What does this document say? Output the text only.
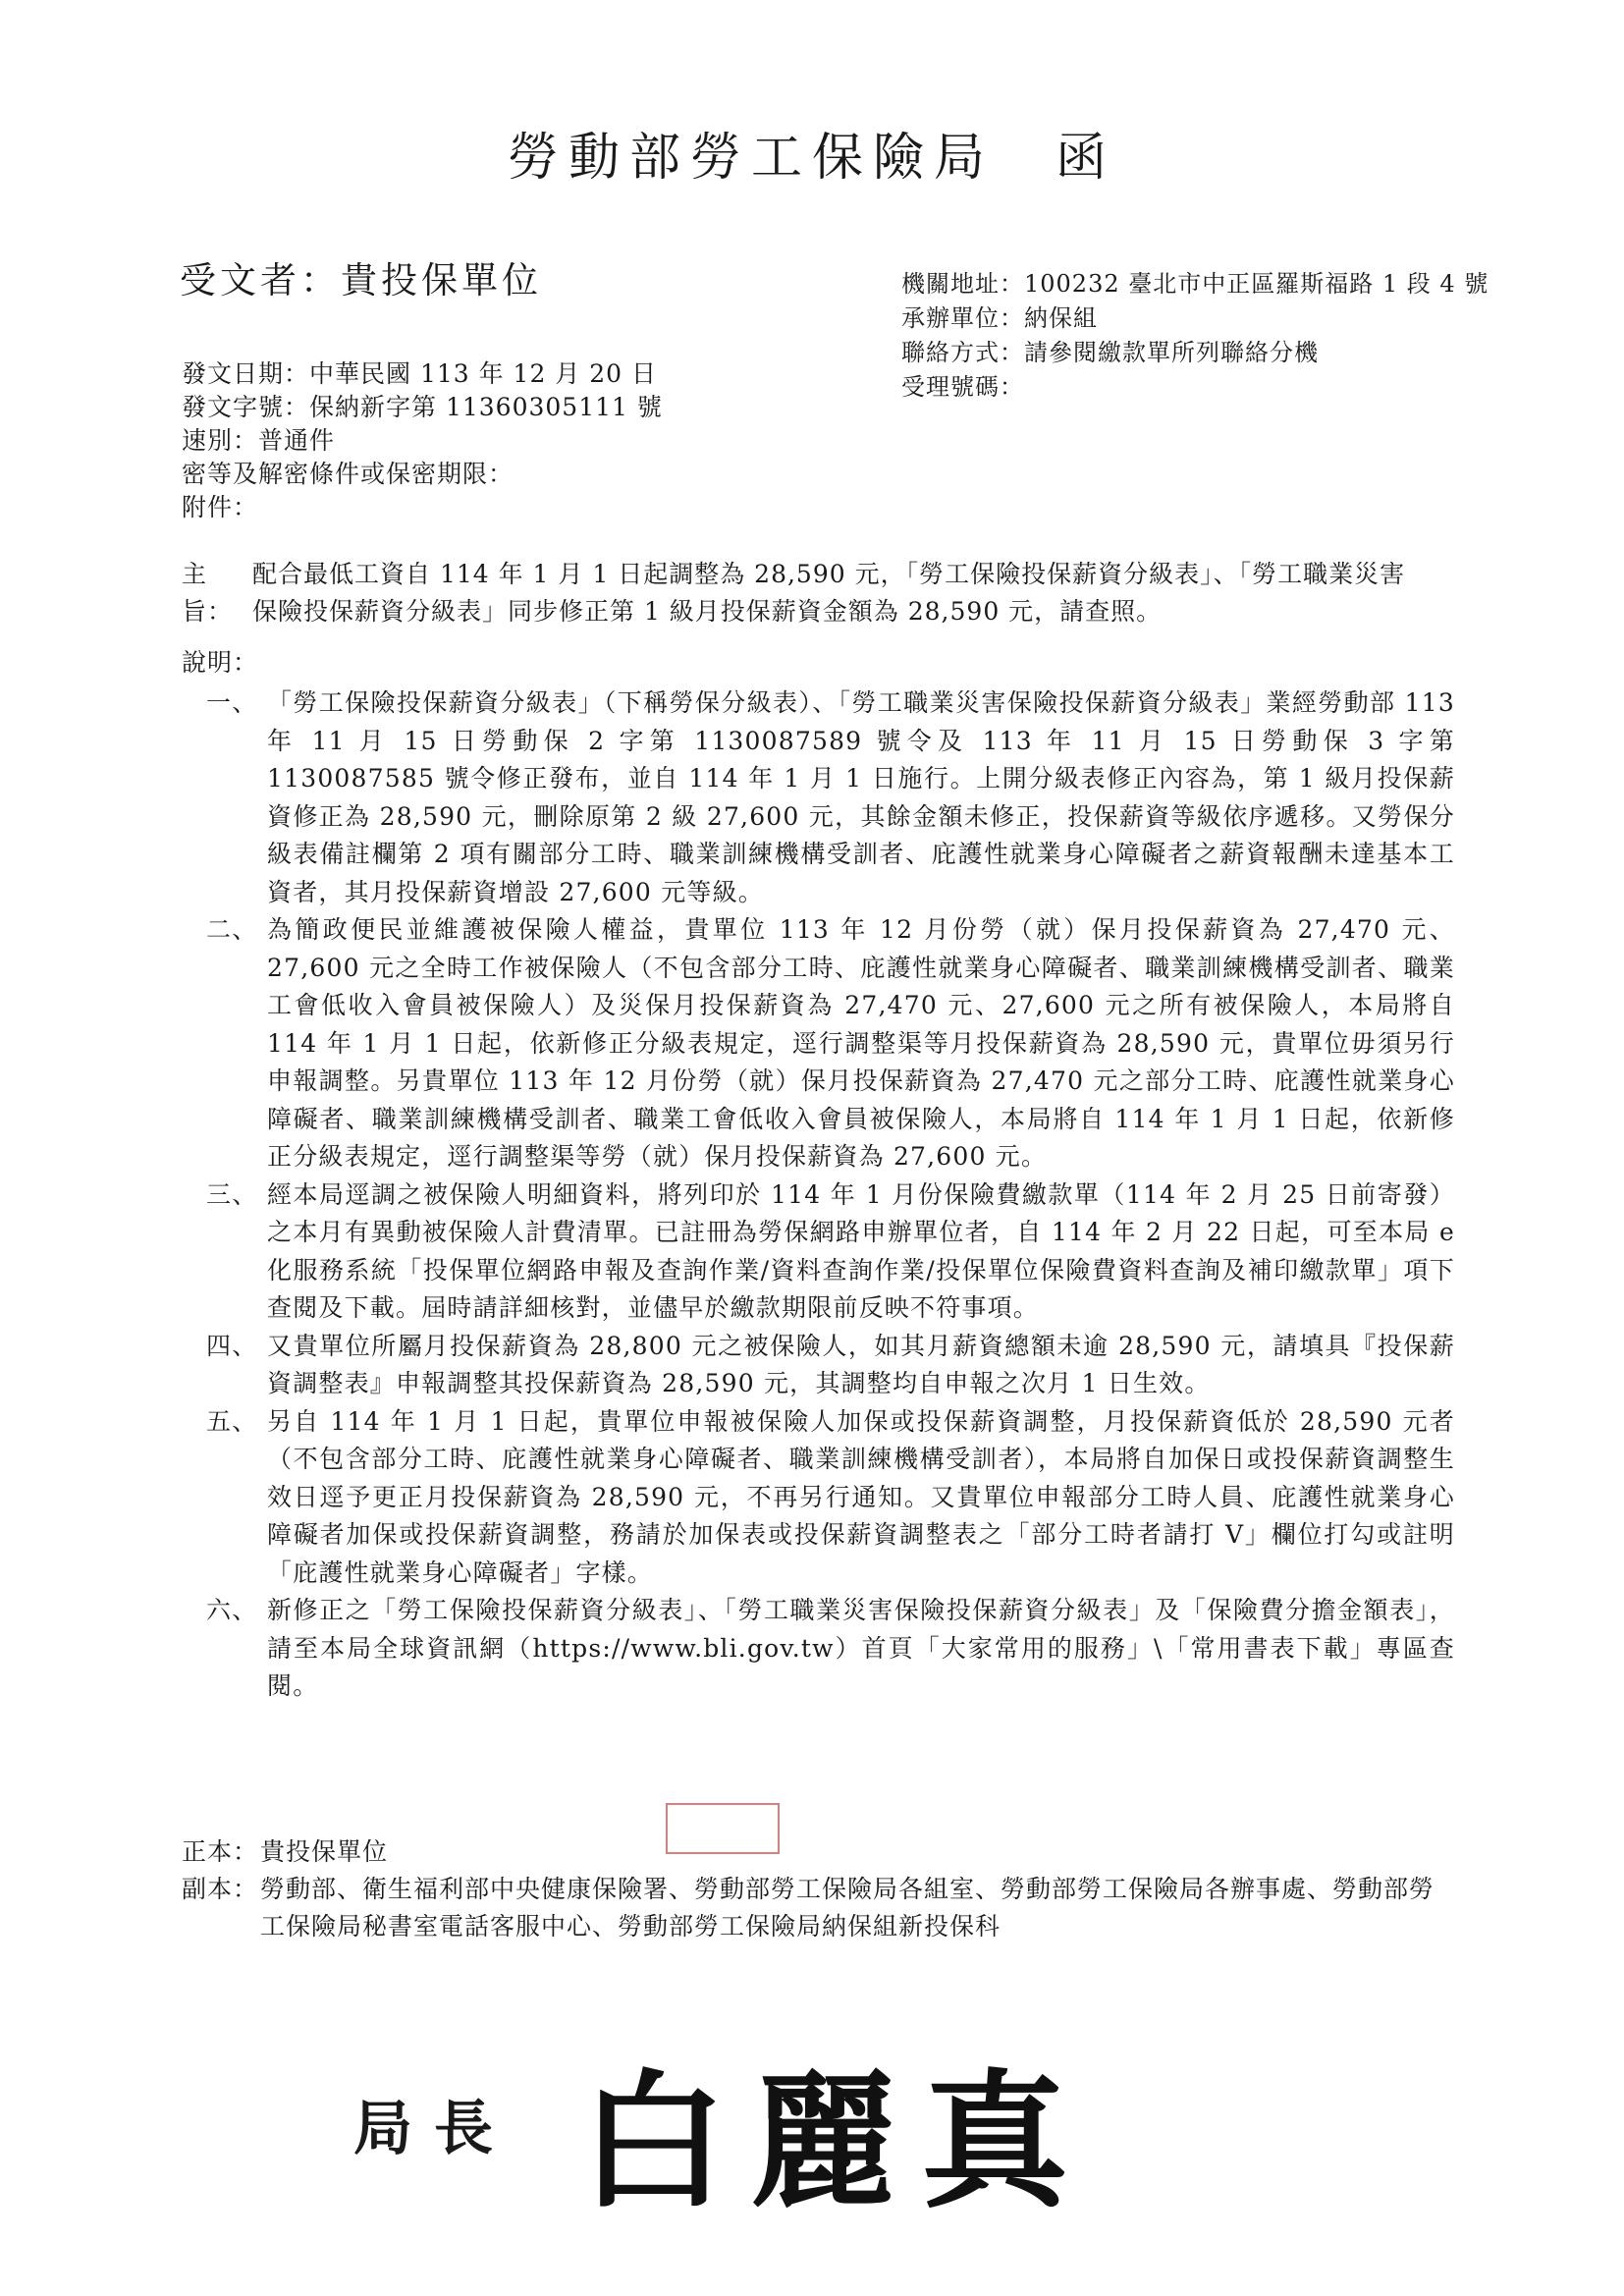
勞動部勞工保險局　函
受文者：貴投保單位	機關地址：100232 臺北市中正區羅斯福路 1 段 4 號
承辦單位：納保組
聯絡方式：請參閱繳款單所列聯絡分機
受理號碼：
發文日期：中華民國 113 年 12 月 20 日
發文字號：保納新字第 11360305111 號
速別：普通件
密等及解密條件或保密期限：
附件：
主旨：配合最低工資自 114 年 1 月 1 日起調整為 28,590 元，「勞工保險投保薪資分級表」、「勞工職業災害保險投保薪資分級表」同步修正第 1 級月投保薪資金額為 28,590 元，請查照。
說明：
一、 「勞工保險投保薪資分級表」（下稱勞保分級表）、「勞工職業災害保險投保薪資分級表」業經勞動部 113 年 11 月 15 日勞動保 2 字第 1130087589 號令及 113 年 11 月 15 日勞動保 3 字第 1130087585 號令修正發布，並自 114 年 1 月 1 日施行。上開分級表修正內容為，第 1 級月投保薪資修正為 28,590 元，刪除原第 2 級 27,600 元，其餘金額未修正，投保薪資等級依序遞移。又勞保分級表備註欄第 2 項有關部分工時、職業訓練機構受訓者、庇護性就業身心障礙者之薪資報酬未達基本工資者，其月投保薪資增設 27,600 元等級。
二、 為簡政便民並維護被保險人權益，貴單位 113 年 12 月份勞（就）保月投保薪資為 27,470 元、27,600 元之全時工作被保險人（不包含部分工時、庇護性就業身心障礙者、職業訓練機構受訓者、職業工會低收入會員被保險人）及災保月投保薪資為 27,470 元、27,600 元之所有被保險人，本局將自 114 年 1 月 1 日起，依新修正分級表規定，逕行調整渠等月投保薪資為 28,590 元，貴單位毋須另行申報調整。另貴單位 113 年 12 月份勞（就）保月投保薪資為 27,470 元之部分工時、庇護性就業身心障礙者、職業訓練機構受訓者、職業工會低收入會員被保險人，本局將自 114 年 1 月 1 日起，依新修正分級表規定，逕行調整渠等勞（就）保月投保薪資為 27,600 元。
三、 經本局逕調之被保險人明細資料，將列印於 114 年 1 月份保險費繳款單（114 年 2 月 25 日前寄發）之本月有異動被保險人計費清單。已註冊為勞保網路申辦單位者，自 114 年 2 月 22 日起，可至本局 e 化服務系統「投保單位網路申報及查詢作業/資料查詢作業/投保單位保險費資料查詢及補印繳款單」項下查閱及下載。屆時請詳細核對，並儘早於繳款期限前反映不符事項。
四、 又貴單位所屬月投保薪資為 28,800 元之被保險人，如其月薪資總額未逾 28,590 元，請填具『投保薪資調整表』申報調整其投保薪資為 28,590 元，其調整均自申報之次月 1 日生效。
五、 另自 114 年 1 月 1 日起，貴單位申報被保險人加保或投保薪資調整，月投保薪資低於 28,590 元者（不包含部分工時、庇護性就業身心障礙者、職業訓練機構受訓者），本局將自加保日或投保薪資調整生效日逕予更正月投保薪資為 28,590 元，不再另行通知。又貴單位申報部分工時人員、庇護性就業身心障礙者加保或投保薪資調整，務請於加保表或投保薪資調整表之「部分工時者請打 V」欄位打勾或註明「庇護性就業身心障礙者」字樣。
六、 新修正之「勞工保險投保薪資分級表」、「勞工職業災害保險投保薪資分級表」及「保險費分擔金額表」，請至本局全球資訊網（https://www.bli.gov.tw）首頁「大家常用的服務」\「常用書表下載」專區查閱。
正本： 貴投保單位
副本： 勞動部、衛生福利部中央健康保險署、勞動部勞工保險局各組室、勞動部勞工保險局各辦事處、勞動部勞工保險局秘書室電話客服中心、勞動部勞工保險局納保組新投保科
局長 白麗真
